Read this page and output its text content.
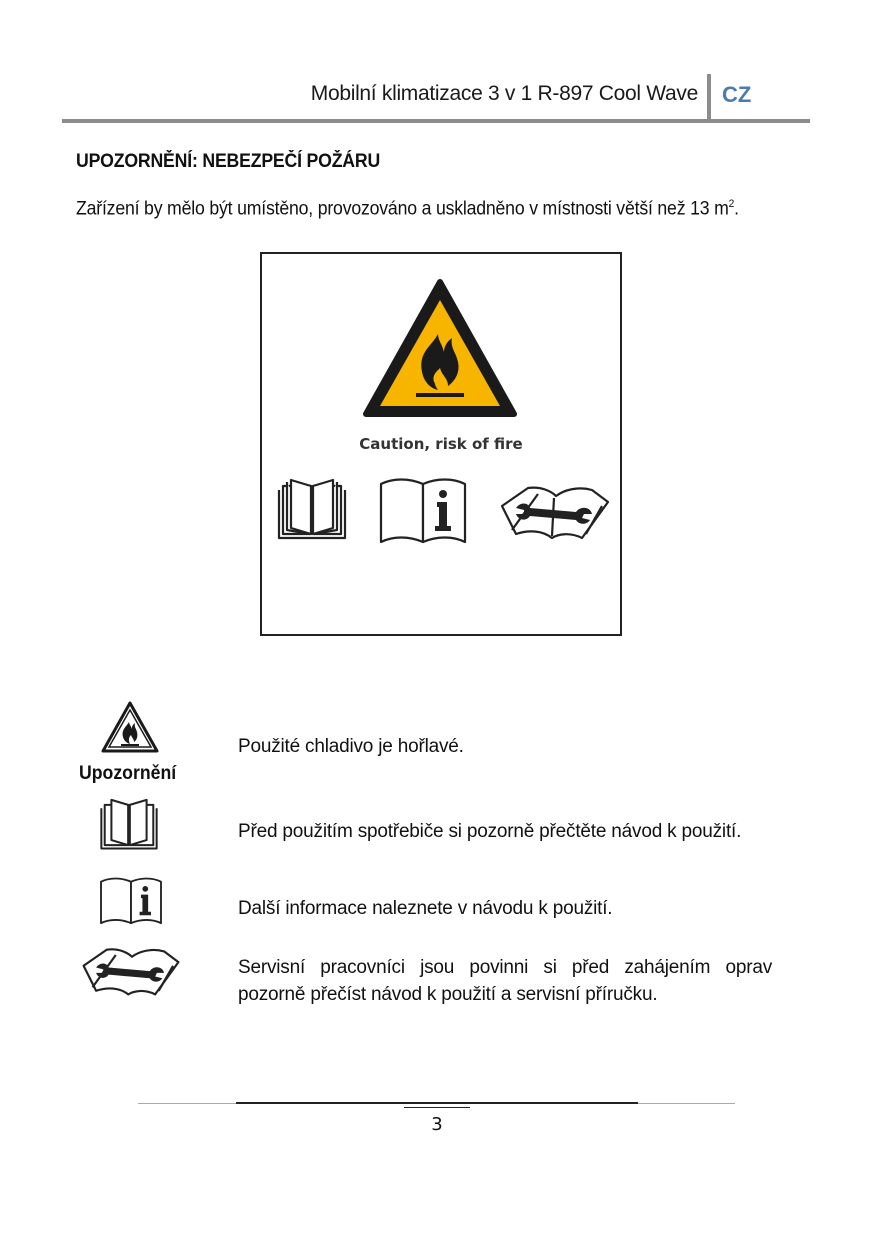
Mobilní klimatizace 3 v 1 R-897 Cool Wave CZ
UPOZORNĚNÍ: NEBEZPEČÍ POŽÁRU
Zařízení by mělo být umístěno, provozováno a uskladněno v místnosti větší než 13 $m^2$.
Caution, risk of fire
Upozornění
Použité chladivo je hořlavé.
Před použitím spotřebiče si pozorně přečtěte návod k použití.
Další informace naleznete v návodu k použití.
Servisní pracovníci jsou povinni si před zahájením oprav pozorně přečíst návod k použití a servisní příručku.
3
